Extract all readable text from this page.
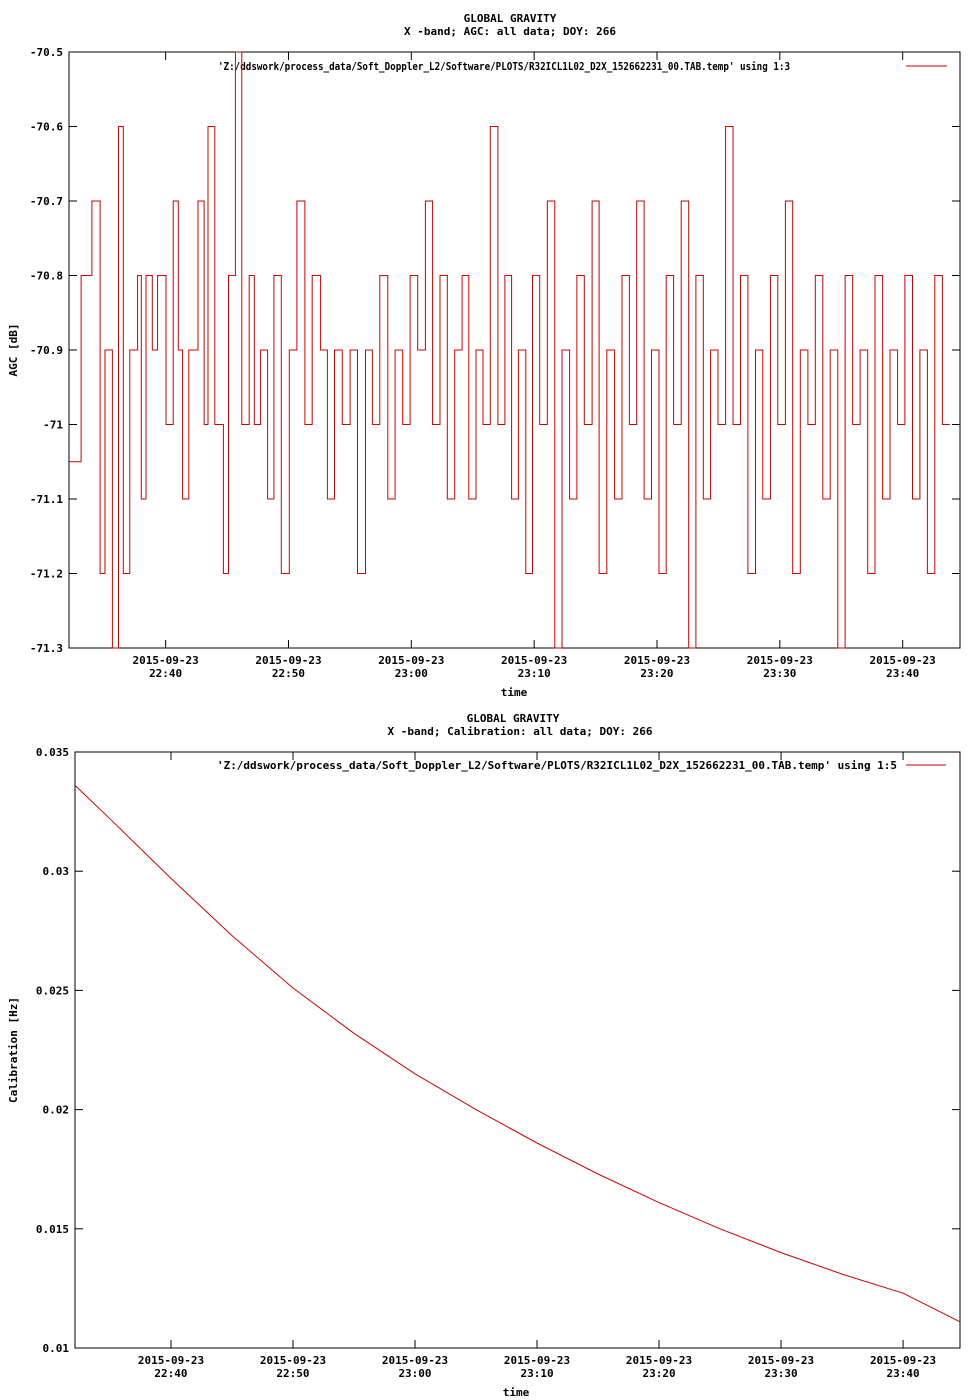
GLOBAL GRAVITY
X -band; AGC: all data; DOY: 266
'Z:/ddswork/process_data/Soft_Doppler_L2/Software/PLOTS/R32ICL1L02_D2X_152662231_00.TAB.temp' using 1:3
time
AGC [dB]
-70.5
-70.6
-70.7
-70.8
-70.9
-71
-71.1
-71.2
-71.3
2015-09-23
22:40
2015-09-23
22:50
2015-09-23
23:00
2015-09-23
23:10
2015-09-23
23:20
2015-09-23
23:30
2015-09-23
23:40
GLOBAL GRAVITY
X -band; Calibration: all data; DOY: 266
'Z:/ddswork/process_data/Soft_Doppler_L2/Software/PLOTS/R32ICL1L02_D2X_152662231_00.TAB.temp' using 1:5
time
Calibration [Hz]
0.035
0.03
0.025
0.02
0.015
0.01
2015-09-23
22:40
2015-09-23
22:50
2015-09-23
23:00
2015-09-23
23:10
2015-09-23
23:20
2015-09-23
23:30
2015-09-23
23:40
